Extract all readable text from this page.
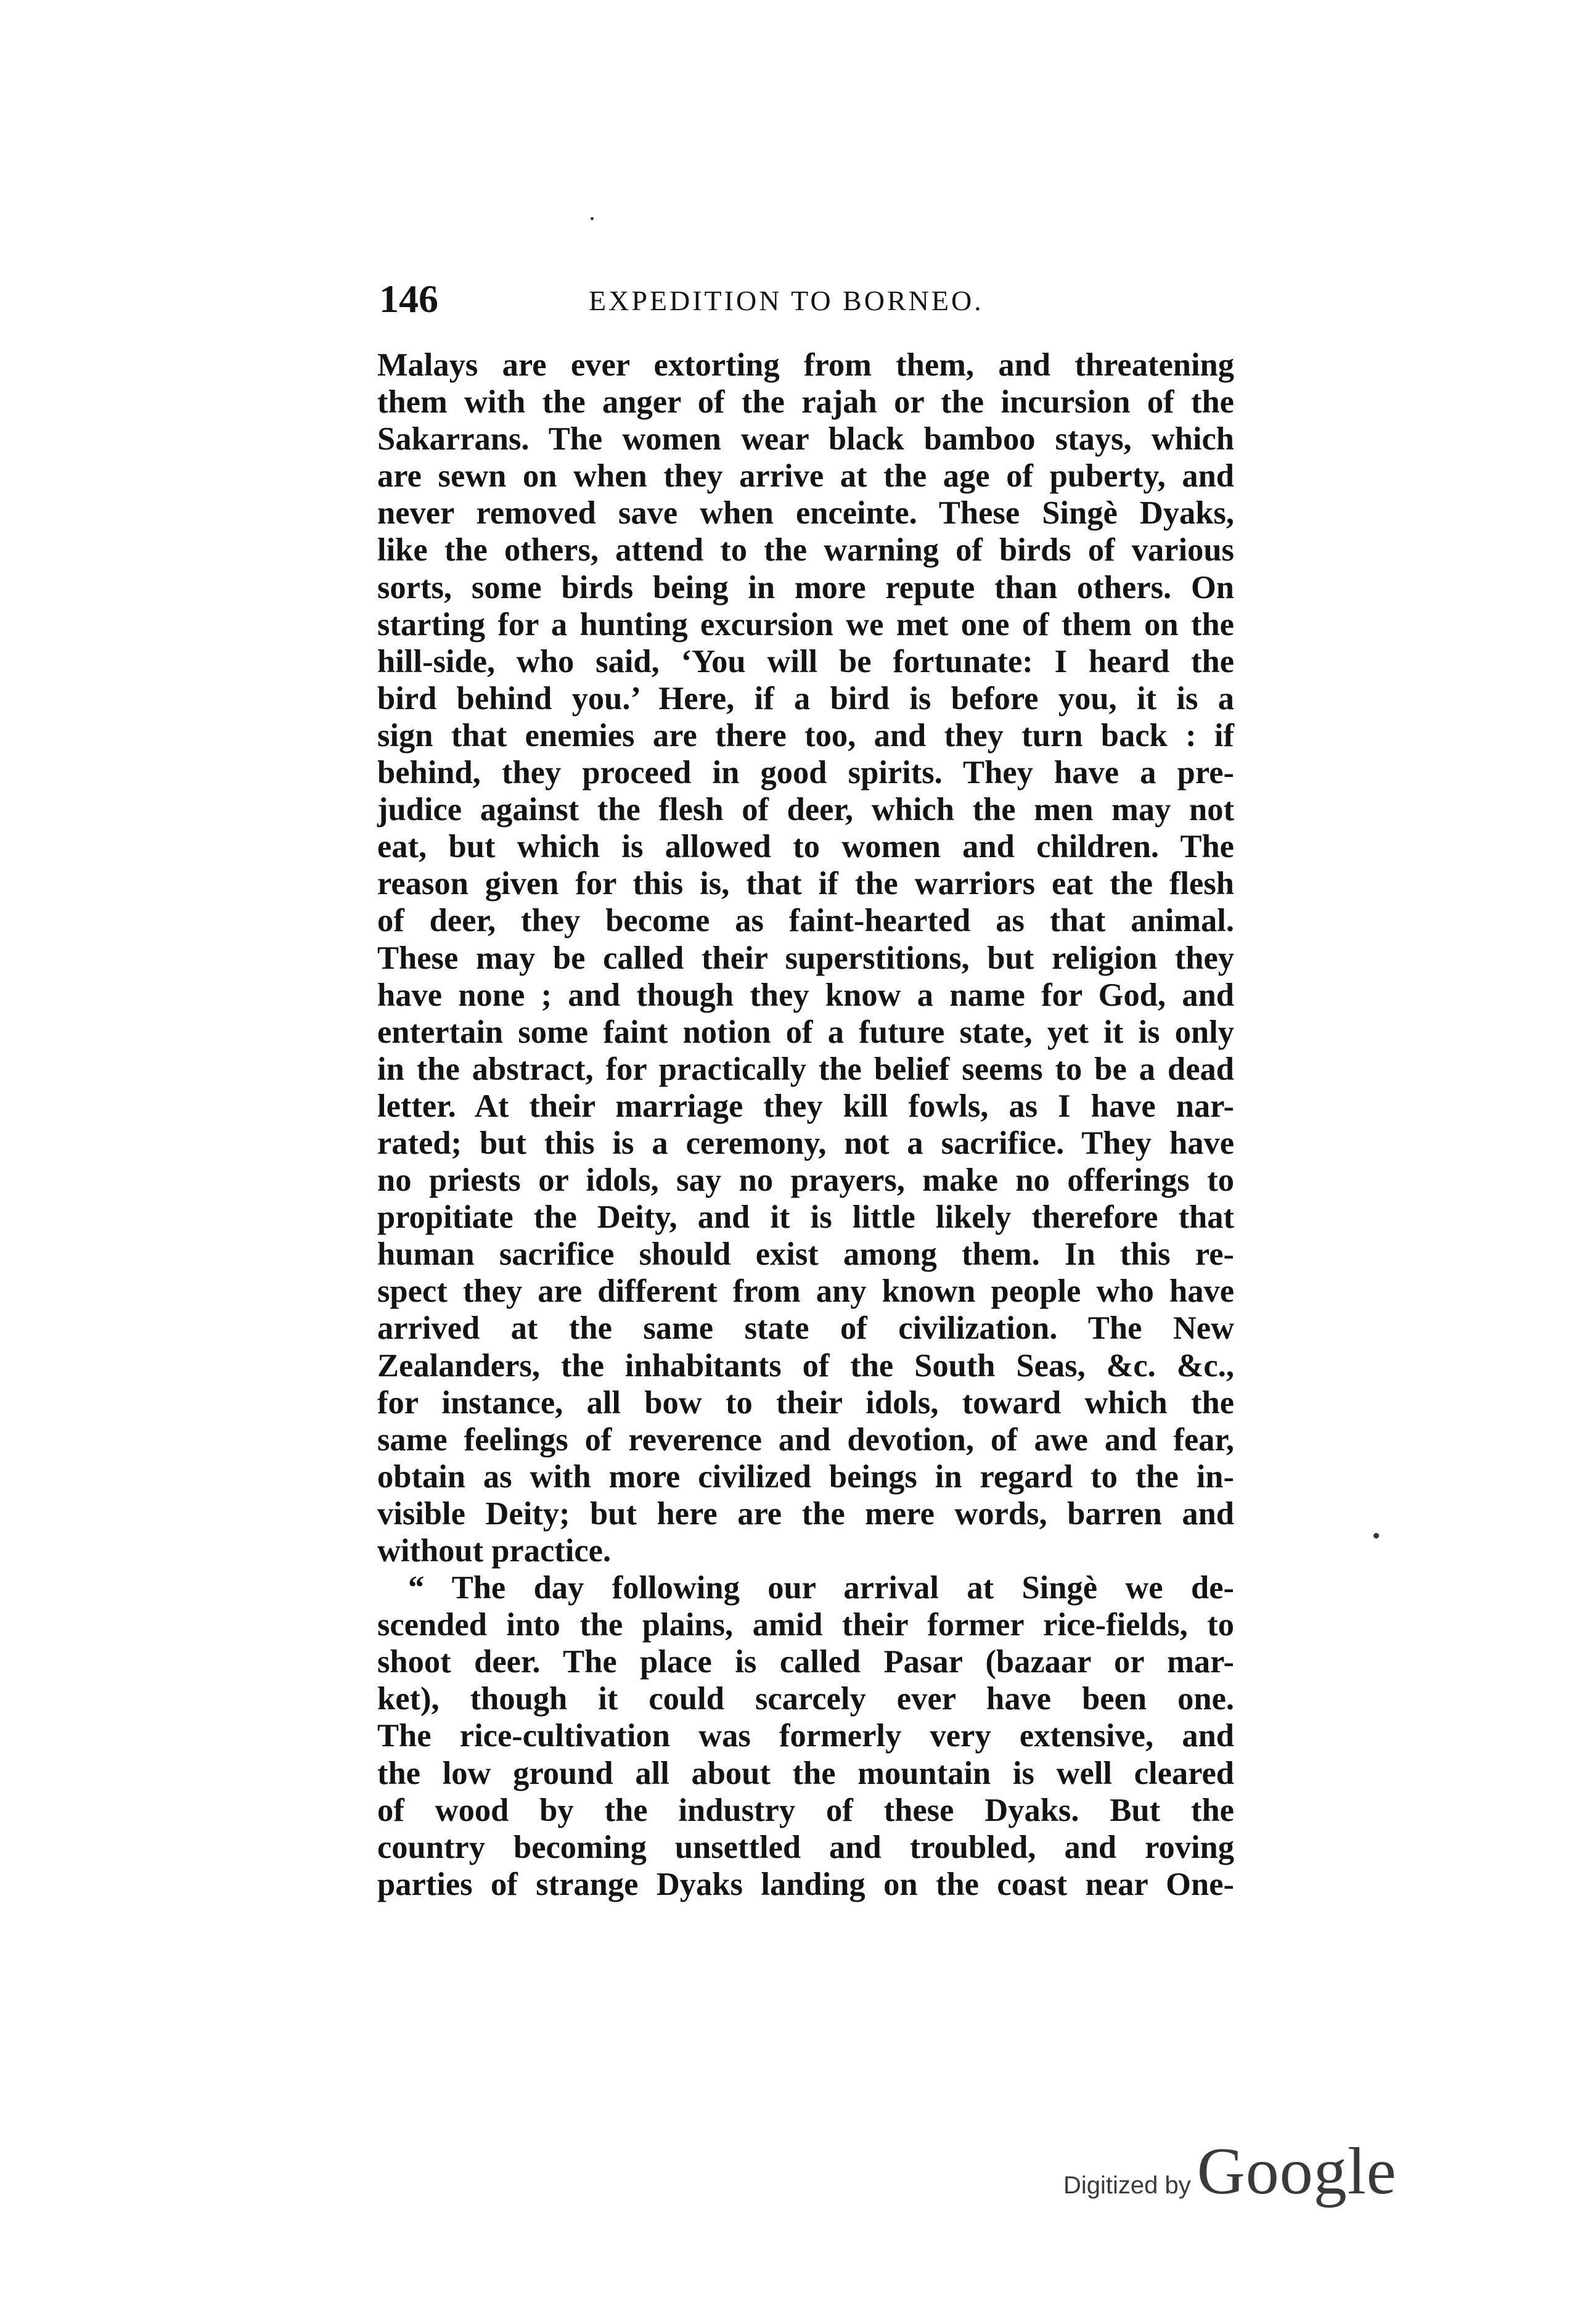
146	EXPEDITION TO BORNEO.
Malays are ever extorting from them, and threatening
them with the anger of the rajah or the incursion of the
Sakarrans. The women wear black bamboo stays, which
are sewn on when they arrive at the age of puberty, and
never removed save when enceinte. These Singè Dyaks,
like the others, attend to the warning of birds of various
sorts, some birds being in more repute than others. On
starting for a hunting excursion we met one of them on the
hill-side, who said, ‘You will be fortunate: I heard the
bird behind you.’ Here, if a bird is before you, it is a
sign that enemies are there too, and they turn back : if
behind, they proceed in good spirits. They have a pre-
judice against the flesh of deer, which the men may not
eat, but which is allowed to women and children. The
reason given for this is, that if the warriors eat the flesh
of deer, they become as faint-hearted as that animal.
These may be called their superstitions, but religion they
have none ; and though they know a name for God, and
entertain some faint notion of a future state, yet it is only
in the abstract, for practically the belief seems to be a dead
letter. At their marriage they kill fowls, as I have nar-
rated; but this is a ceremony, not a sacrifice. They have
no priests or idols, say no prayers, make no offerings to
propitiate the Deity, and it is little likely therefore that
human sacrifice should exist among them. In this re-
spect they are different from any known people who have
arrived at the same state of civilization. The New
Zealanders, the inhabitants of the South Seas, &c. &c.,
for instance, all bow to their idols, toward which the
same feelings of reverence and devotion, of awe and fear,
obtain as with more civilized beings in regard to the in-
visible Deity; but here are the mere words, barren and
without practice.
“ The day following our arrival at Singè we de-
scended into the plains, amid their former rice-fields, to
shoot deer. The place is called Pasar (bazaar or mar-
ket), though it could scarcely ever have been one.
The rice-cultivation was formerly very extensive, and
the low ground all about the mountain is well cleared
of wood by the industry of these Dyaks. But the
country becoming unsettled and troubled, and roving
parties of strange Dyaks landing on the coast near One-
Digitized by Google
